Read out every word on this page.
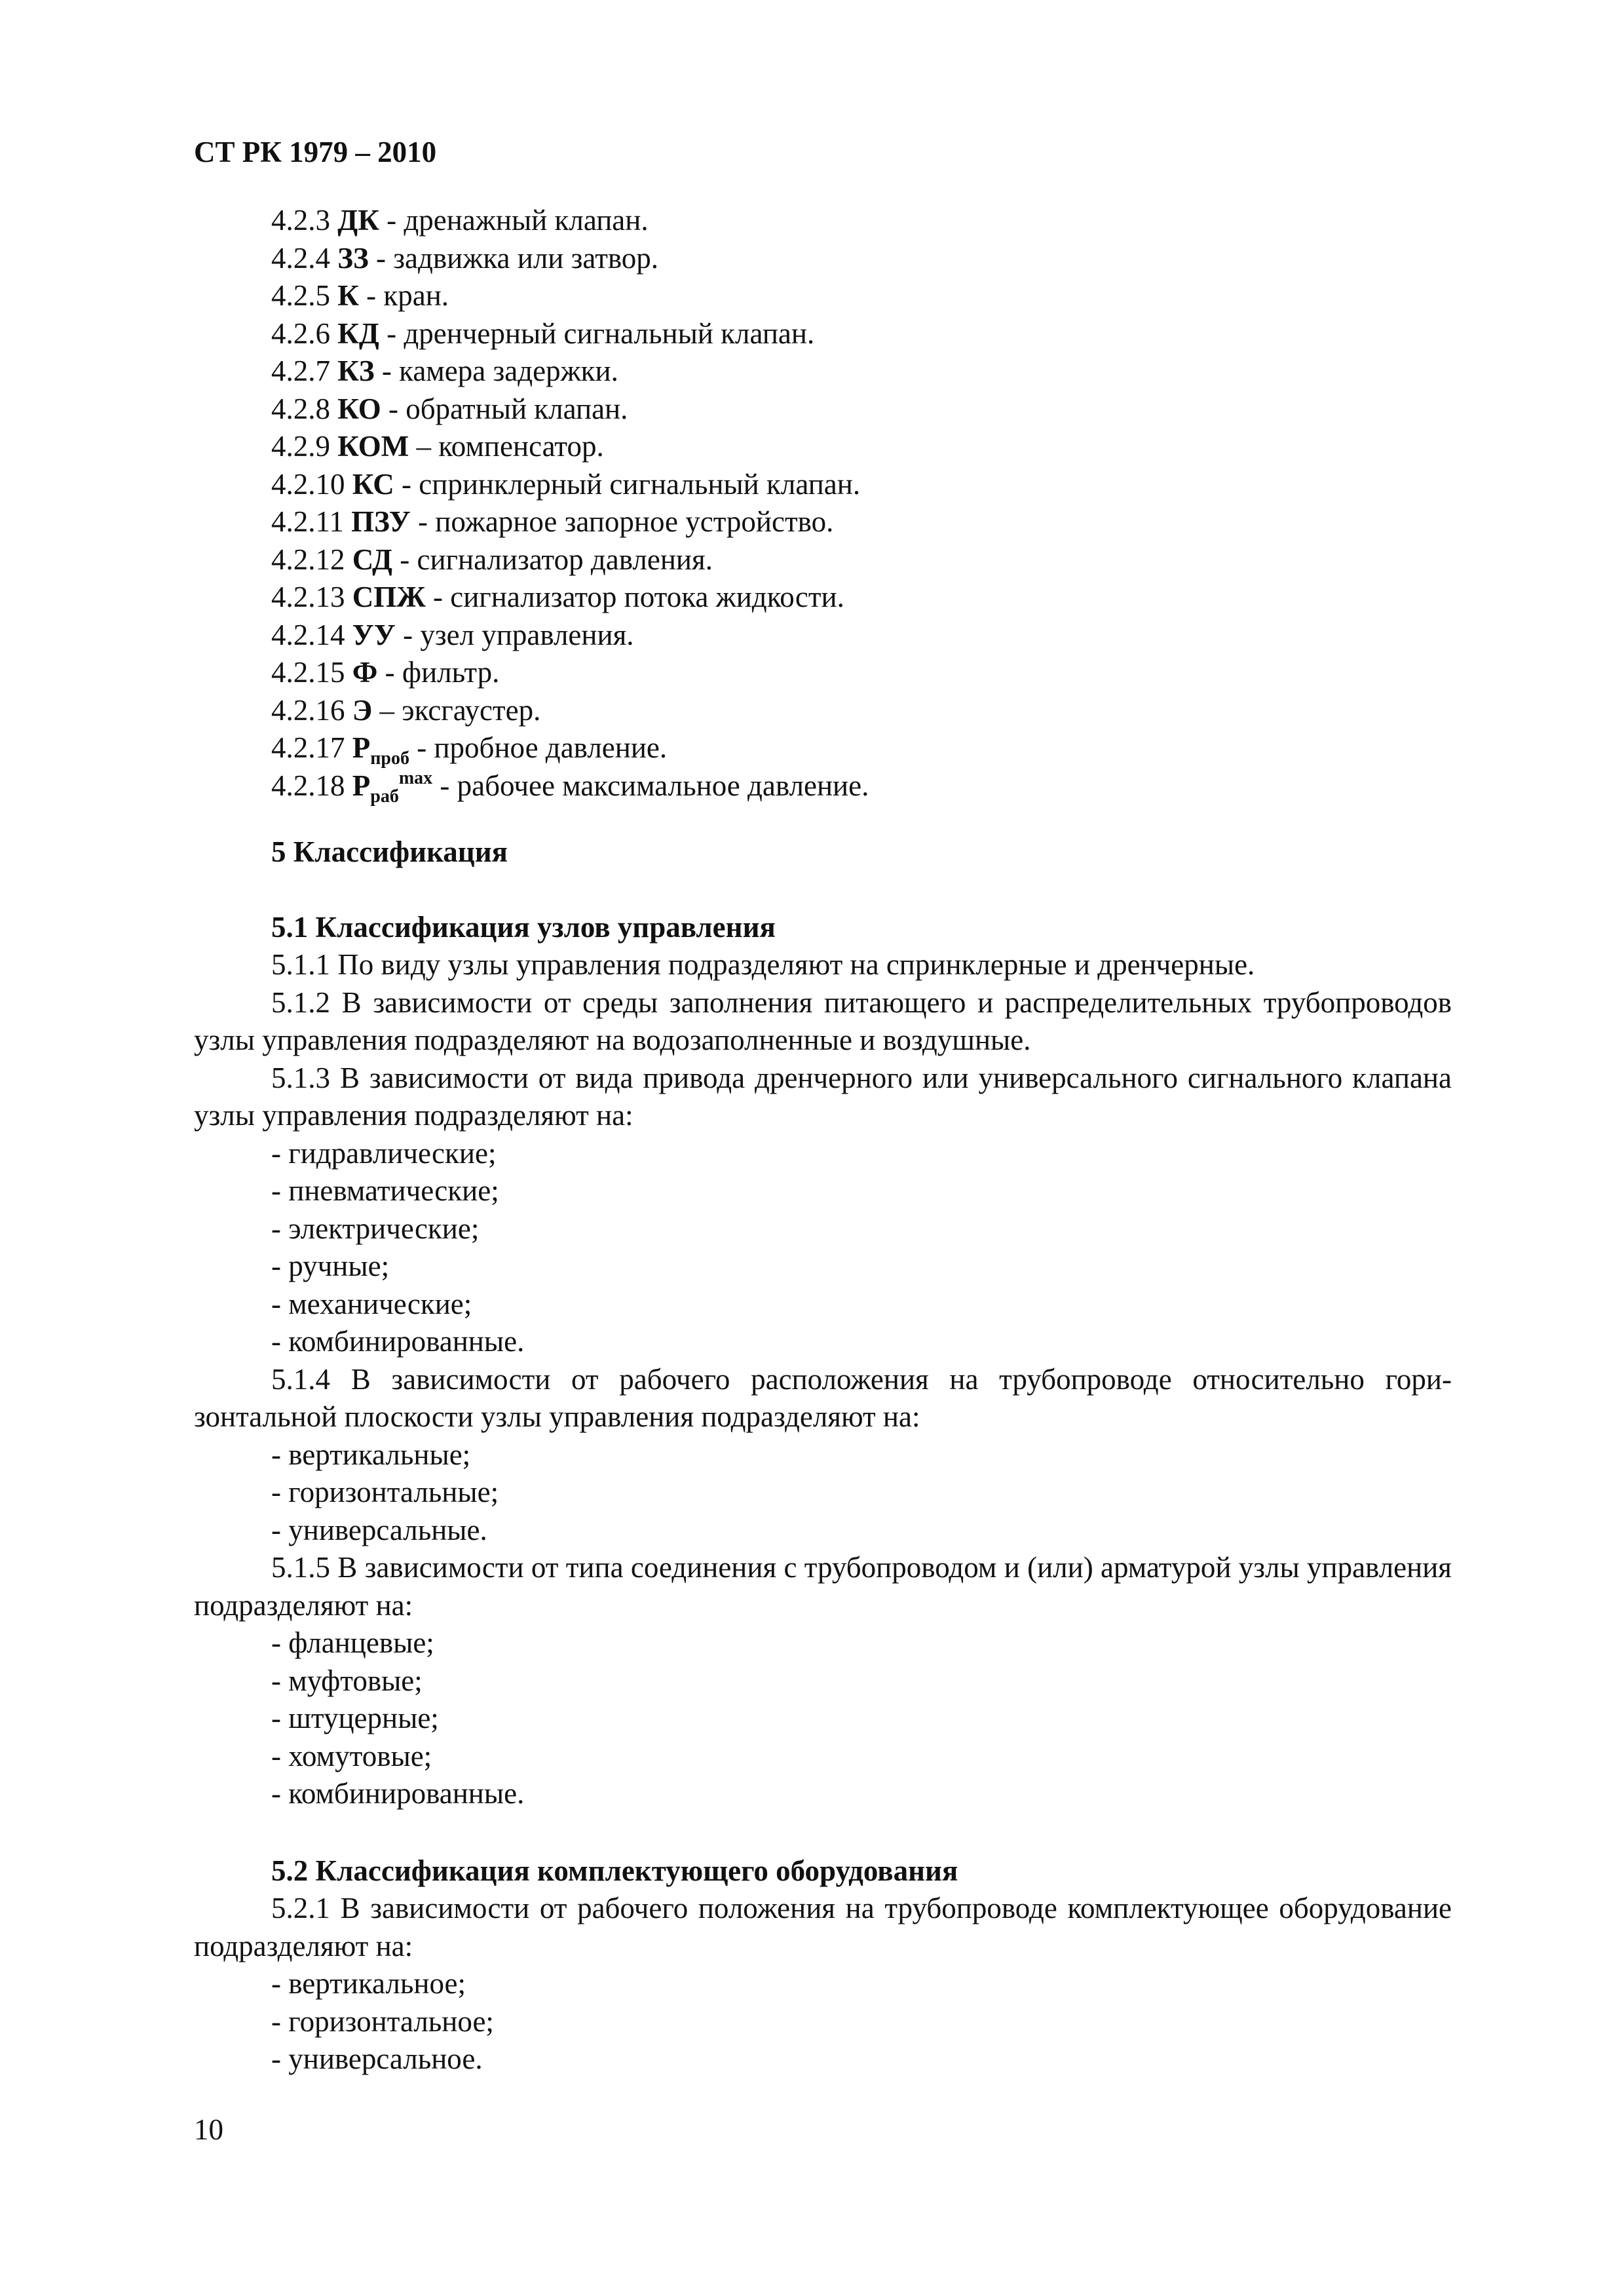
СТ РК 1979 – 2010
4.2.3 ДК - дренажный клапан.
4.2.4 ЗЗ - задвижка или затвор.
4.2.5 К - кран.
4.2.6 КД - дренчерный сигнальный клапан.
4.2.7 КЗ - камера задержки.
4.2.8 КО - обратный клапан.
4.2.9 КОМ – компенсатор.
4.2.10 КС - спринклерный сигнальный клапан.
4.2.11 ПЗУ - пожарное запорное устройство.
4.2.12 СД - сигнализатор давления.
4.2.13 СПЖ - сигнализатор потока жидкости.
4.2.14 УУ - узел управления.
4.2.15 Ф - фильтр.
4.2.16 Э – эксгаустер.
4.2.17 $P_{проб}$ - пробное давление.
4.2.18 $P_{раб}^{max}$ - рабочее максимальное давление.
5 Классификация
5.1 Классификация узлов управления
5.1.1 По виду узлы управления подразделяют на спринклерные и дренчерные.
5.1.2 В зависимости от среды заполнения питающего и распределительных трубопроводов узлы управления подразделяют на водозаполненные и воздушные.
5.1.3 В зависимости от вида привода дренчерного или универсального сигнального клапана узлы управления подразделяют на:
- гидравлические;
- пневматические;
- электрические;
- ручные;
- механические;
- комбинированные.
5.1.4 В зависимости от рабочего расположения на трубопроводе относительно горизонтальной плоскости узлы управления подразделяют на:
- вертикальные;
- горизонтальные;
- универсальные.
5.1.5 В зависимости от типа соединения с трубопроводом и (или) арматурой узлы управления подразделяют на:
- фланцевые;
- муфтовые;
- штуцерные;
- хомутовые;
- комбинированные.
5.2 Классификация комплектующего оборудования
5.2.1 В зависимости от рабочего положения на трубопроводе комплектующее оборудование подразделяют на:
- вертикальное;
- горизонтальное;
- универсальное.
10
